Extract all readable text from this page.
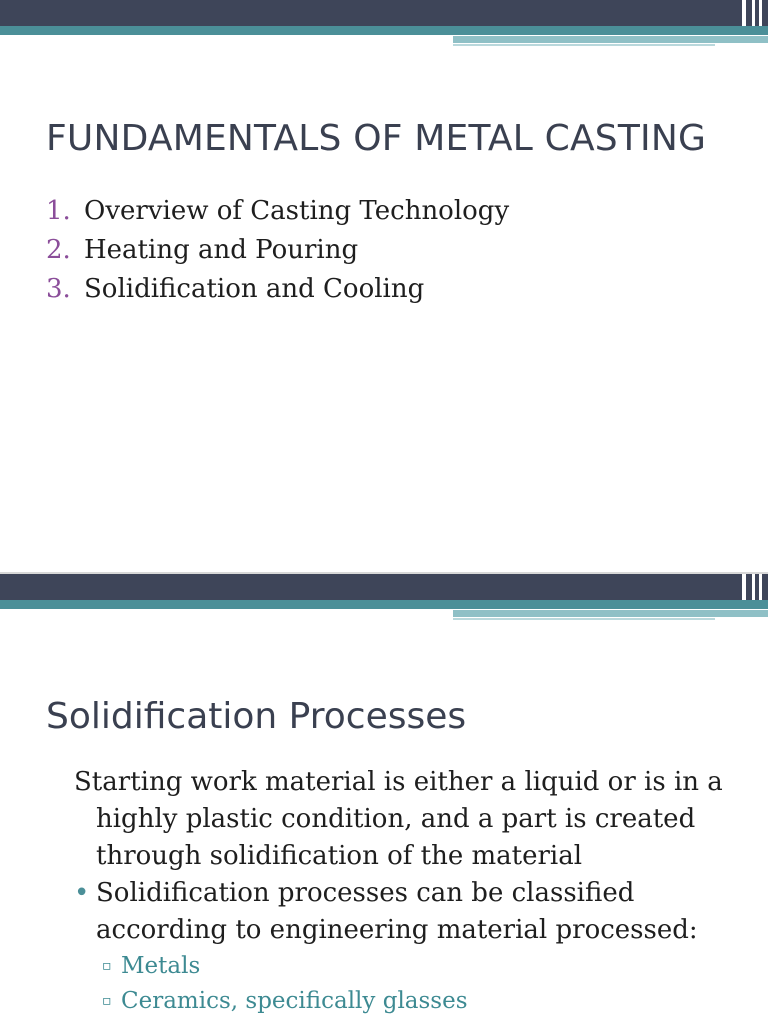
FUNDAMENTALS OF METAL CASTING
1. Overview of Casting Technology
2. Heating and Pouring
3. Solidification and Cooling
Solidification Processes

Starting work material is either a liquid or is in a highly plastic condition, and a part is created through solidification of the material

• Solidification processes can be classified according to engineering material processed:

▫ Metals

▫ Ceramics, specifically glasses
